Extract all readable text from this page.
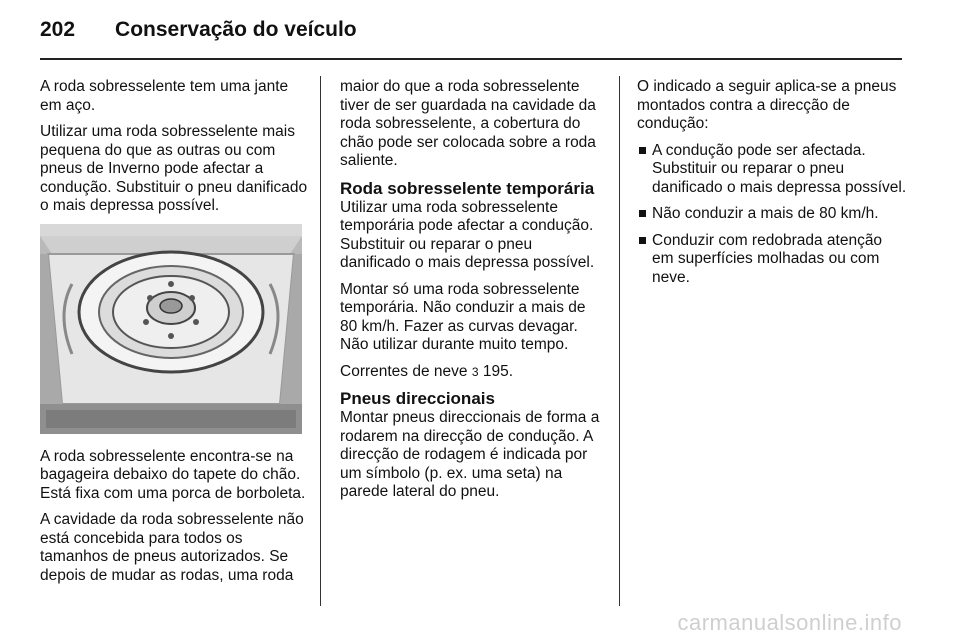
202 Conservação do veículo

A roda sobresselente tem uma jante em aço.

Utilizar uma roda sobresselente mais pequena do que as outras ou com pneus de Inverno pode afectar a condução. Substituir o pneu danificado o mais depressa possível.

A roda sobresselente encontra-se na bagageira debaixo do tapete do chão. Está fixa com uma porca de borboleta.

A cavidade da roda sobresselente não está concebida para todos os tamanhos de pneus autorizados. Se depois de mudar as rodas, uma roda

maior do que a roda sobresselente tiver de ser guardada na cavidade da roda sobresselente, a cobertura do chão pode ser colocada sobre a roda saliente.

Roda sobresselente temporária

Utilizar uma roda sobresselente temporária pode afectar a condução. Substituir ou reparar o pneu danificado o mais depressa possível.

Montar só uma roda sobresselente temporária. Não conduzir a mais de 80 km/h. Fazer as curvas devagar. Não utilizar durante muito tempo.

Correntes de neve 3 195.

Pneus direccionais

Montar pneus direccionais de forma a rodarem na direcção de condução. A direcção de rodagem é indicada por um símbolo (p. ex. uma seta) na parede lateral do pneu.

O indicado a seguir aplica-se a pneus montados contra a direcção de condução:

A condução pode ser afectada. Substituir ou reparar o pneu danificado o mais depressa possível.
Não conduzir a mais de 80 km/h.
Conduzir com redobrada atenção em superfícies molhadas ou com neve.
carmanualsonline.info
